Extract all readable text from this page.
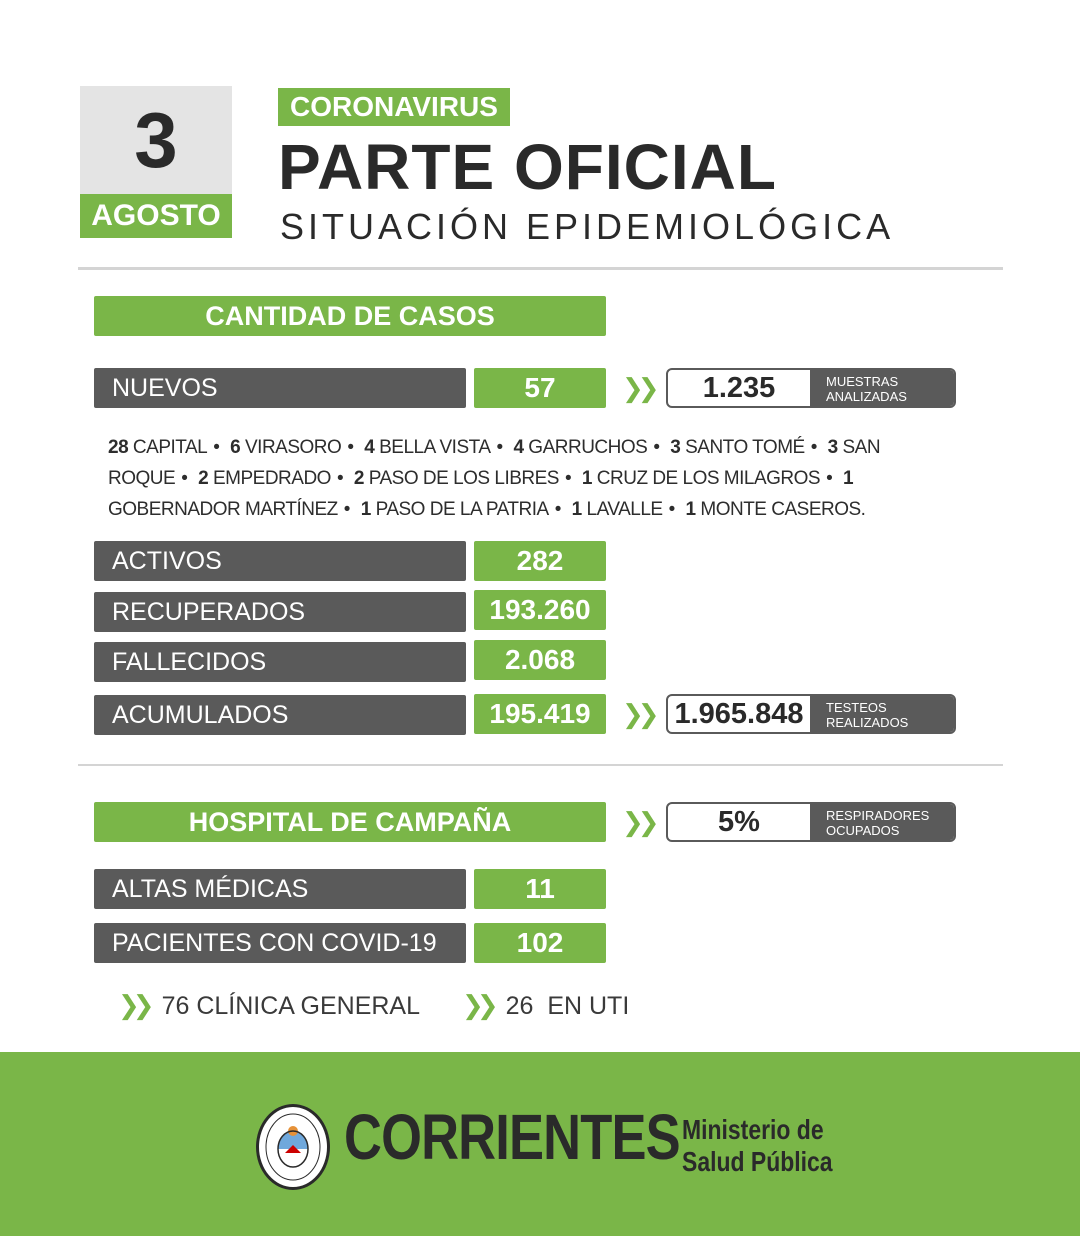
3
AGOSTO
CORONAVIRUS
PARTE OFICIAL
SITUACIÓN EPIDEMIOLÓGICA
CANTIDAD DE CASOS
NUEVOS	57	❯❯	1.235	MUESTRAS
ANALIZADAS
28 CAPITAL • 6 VIRASORO • 4 BELLA VISTA • 4 GARRUCHOS • 3 SANTO TOMÉ • 3 SAN ROQUE • 2 EMPEDRADO • 2 PASO DE LOS LIBRES • 1 CRUZ DE LOS MILAGROS • 1 GOBERNADOR MARTÍNEZ • 1 PASO DE LA PATRIA • 1 LAVALLE • 1 MONTE CASEROS.
ACTIVOS	282
RECUPERADOS	193.260
FALLECIDOS	2.068
ACUMULADOS	195.419	❯❯ 1.965.848	TESTEOS
REALIZADOS
HOSPITAL DE CAMPAÑA	❯❯	5%	RESPIRADORES
OCUPADOS
ALTAS MÉDICAS	11
PACIENTES CON COVID-19	102
❯❯ 76 CLÍNICA GENERAL ❯❯ 26  EN UTI
CORRIENTES Ministerio de
Salud Pública
